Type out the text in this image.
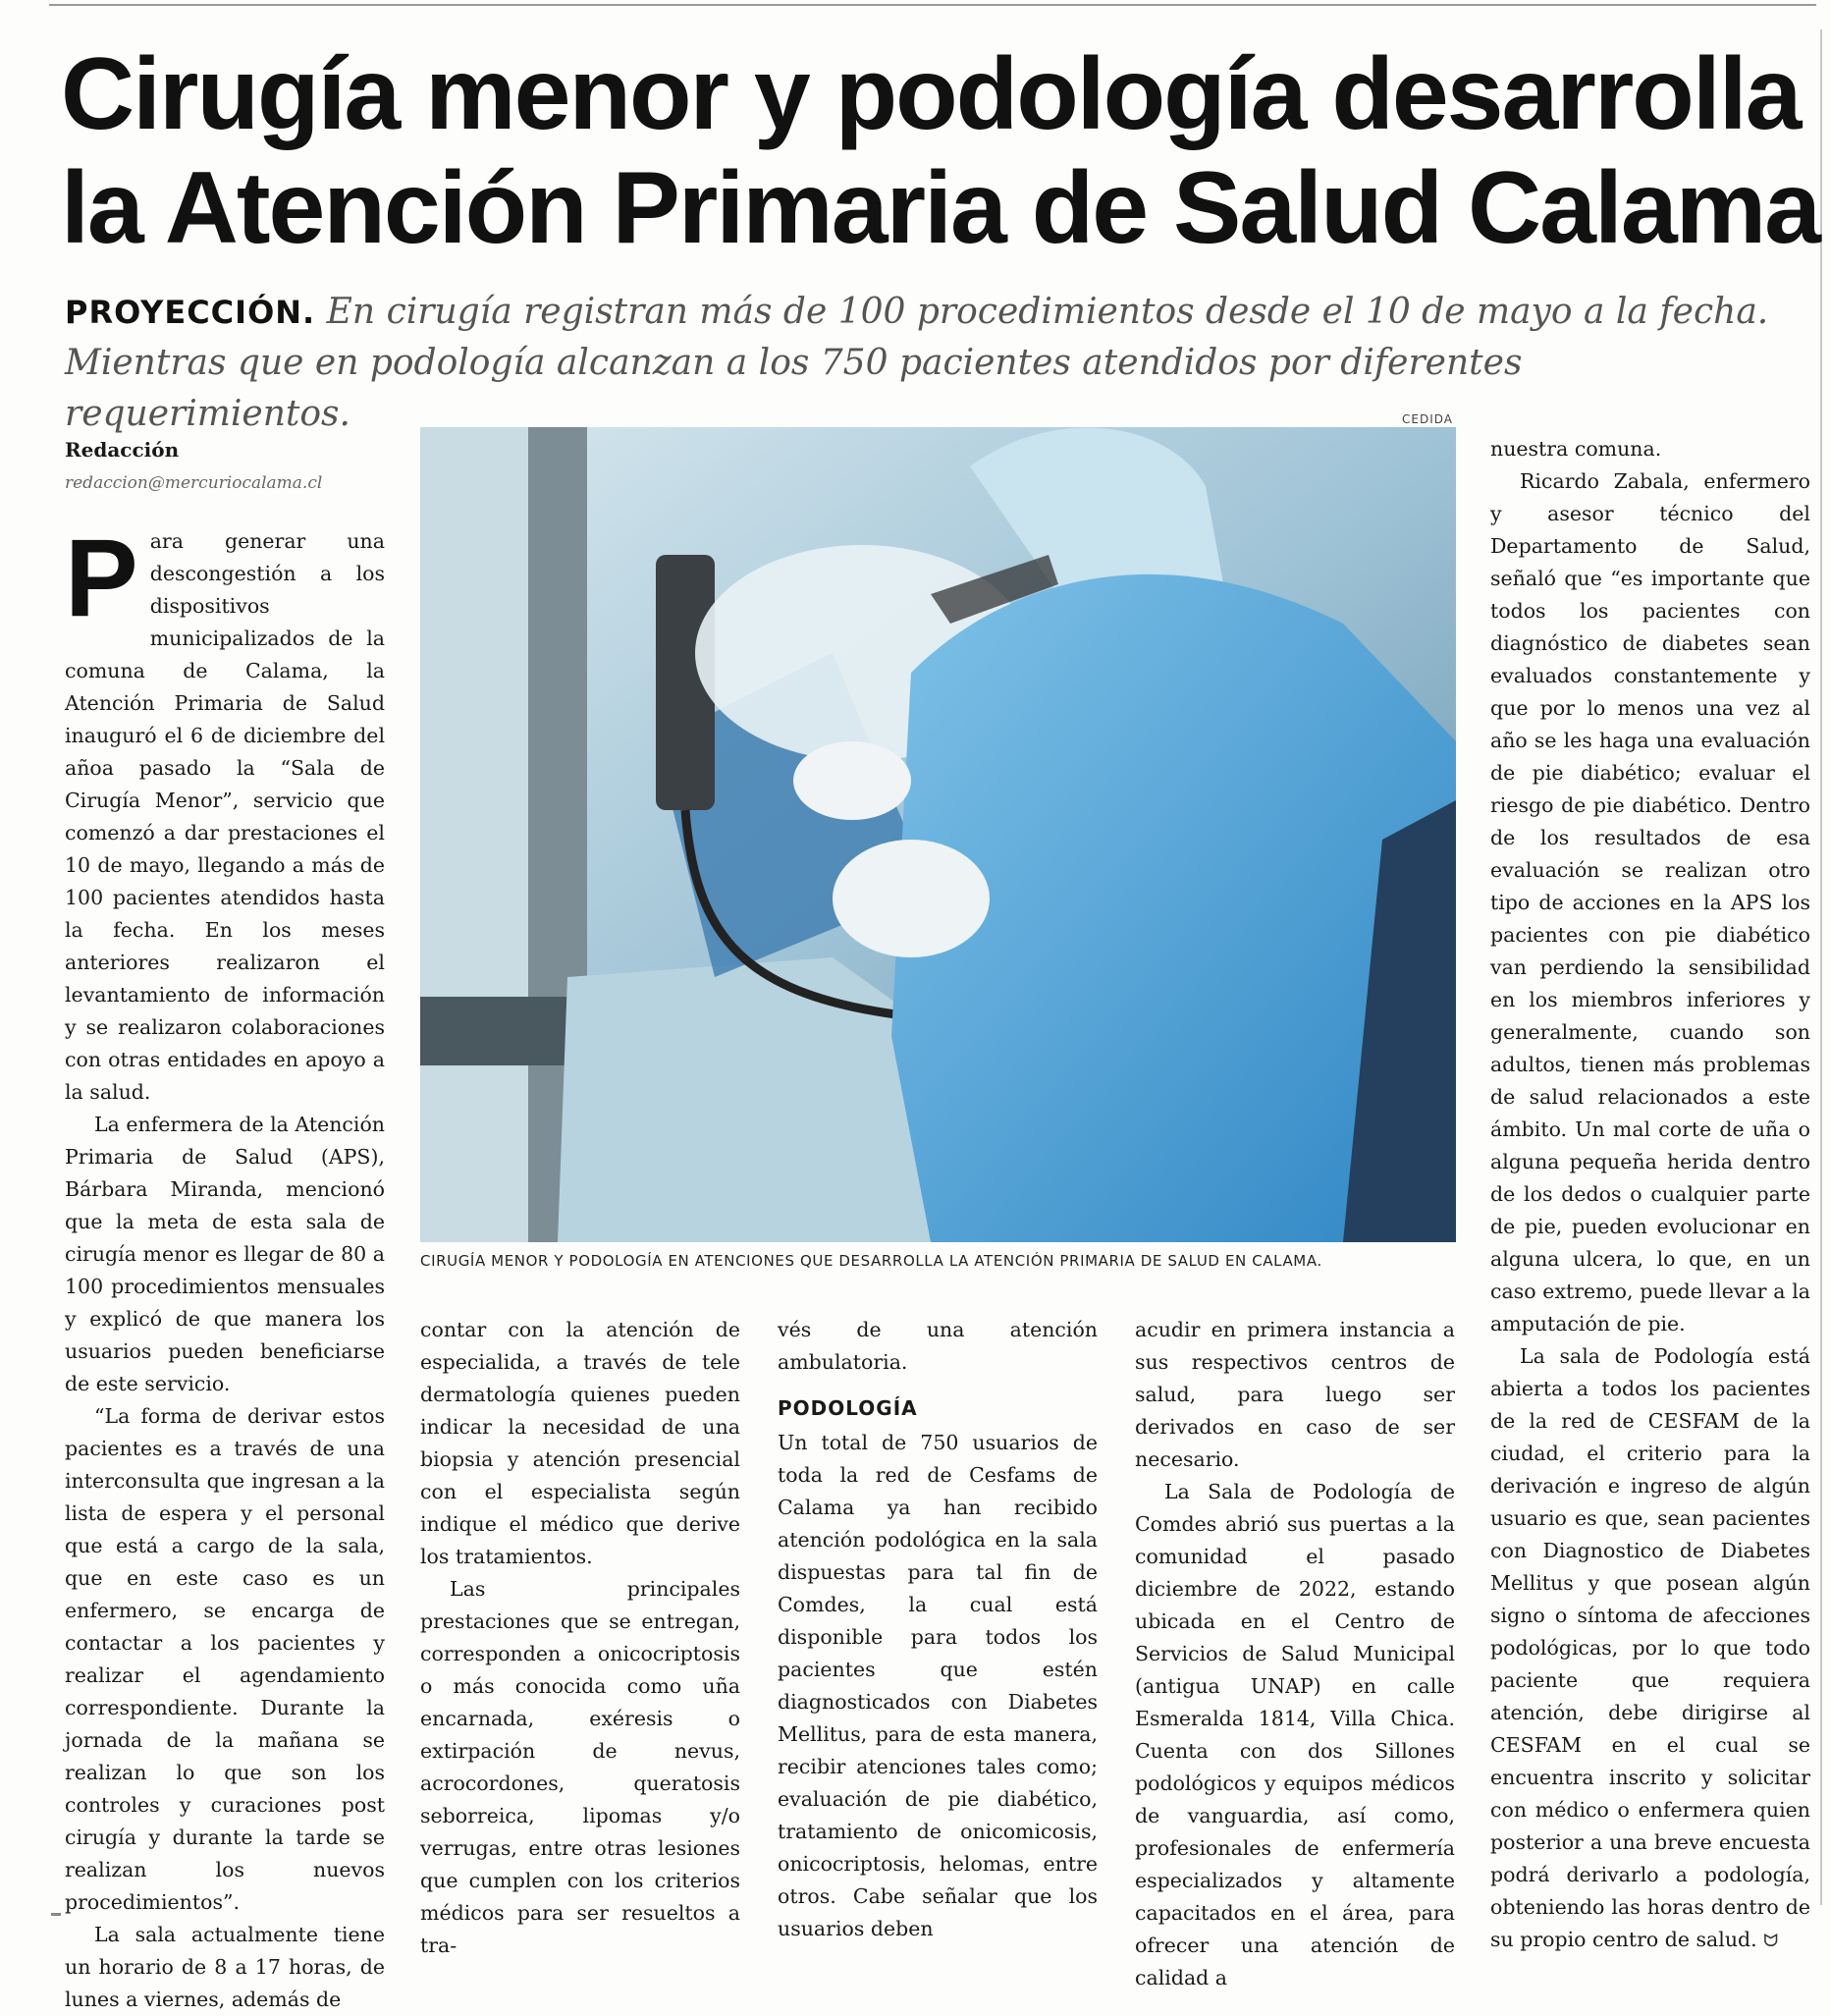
Cirugía menor y podología desarrolla
la Atención Primaria de Salud Calama

PROYECCIÓN. En cirugía registran más de 100 procedimientos desde el 10 de mayo a la fecha. Mientras que en podología alcanzan a los 750 pacientes atendidos por diferentes requerimientos.

Redacción

redaccion@mercuriocalama.cl

Para generar una descongestión a los dispositivos municipalizados de la comuna de Calama, la Atención Primaria de Salud inauguró el 6 de diciembre del añoa pasado la “Sala de Cirugía Menor”, servicio que comenzó a dar prestaciones el 10 de mayo, llegando a más de 100 pacientes atendidos hasta la fecha. En los meses anteriores realizaron el levantamiento de información y se realizaron colaboraciones con otras entidades en apoyo a la salud.

La enfermera de la Atención Primaria de Salud (APS), Bárbara Miranda, mencionó que la meta de esta sala de cirugía menor es llegar de 80 a 100 procedimientos mensuales y explicó de que manera los usuarios pueden beneficiarse de este servicio.

“La forma de derivar estos pacientes es a través de una interconsulta que ingresan a la lista de espera y el personal que está a cargo de la sala, que en este caso es un enfermero, se encarga de contactar a los pacientes y realizar el agendamiento correspondiente. Durante la jornada de la mañana se realizan lo que son los controles y curaciones post cirugía y durante la tarde se realizan los nuevos procedimientos”.

La sala actualmente tiene un horario de 8 a 17 horas, de lunes a viernes, además de

CEDIDA

CIRUGÍA MENOR Y PODOLOGÍA EN ATENCIONES QUE DESARROLLA LA ATENCIÓN PRIMARIA DE SALUD EN CALAMA.

contar con la atención de especialida, a través de tele dermatología quienes pueden indicar la necesidad de una biopsia y atención presencial con el especialista según indique el médico que derive los tratamientos.

Las principales prestaciones que se entregan, corresponden a onicocriptosis o más conocida como uña encarnada, exéresis o extirpación de nevus, acrocordones, queratosis seborreica, lipomas y/o verrugas, entre otras lesiones que cumplen con los criterios médicos para ser resueltos a tra-

vés de una atención ambulatoria.

PODOLOGÍA

Un total de 750 usuarios de toda la red de Cesfams de Calama ya han recibido atención podológica en la sala dispuestas para tal fin de Comdes, la cual está disponible para todos los pacientes que estén diagnosticados con Diabetes Mellitus, para de esta manera, recibir atenciones tales como; evaluación de pie diabético, tratamiento de onicomicosis, onicocriptosis, helomas, entre otros. Cabe señalar que los usuarios deben

acudir en primera instancia a sus respectivos centros de salud, para luego ser derivados en caso de ser necesario.

La Sala de Podología de Comdes abrió sus puertas a la comunidad el pasado diciembre de 2022, estando ubicada en el Centro de Servicios de Salud Municipal (antigua UNAP) en calle Esmeralda 1814, Villa Chica. Cuenta con dos Sillones podológicos y equipos médicos de vanguardia, así como, profesionales de enfermería especializados y altamente capacitados en el área, para ofrecer una atención de calidad a

nuestra comuna.

Ricardo Zabala, enfermero y asesor técnico del Departamento de Salud, señaló que “es importante que todos los pacientes con diagnóstico de diabetes sean evaluados constantemente y que por lo menos una vez al año se les haga una evaluación de pie diabético; evaluar el riesgo de pie diabético. Dentro de los resultados de esa evaluación se realizan otro tipo de acciones en la APS los pacientes con pie diabético van perdiendo la sensibilidad en los miembros inferiores y generalmente, cuando son adultos, tienen más problemas de salud relacionados a este ámbito. Un mal corte de uña o alguna pequeña herida dentro de los dedos o cualquier parte de pie, pueden evolucionar en alguna ulcera, lo que, en un caso extremo, puede llevar a la amputación de pie.

La sala de Podología está abierta a todos los pacientes de la red de CESFAM de la ciudad, el criterio para la derivación e ingreso de algún usuario es que, sean pacientes con Diagnostico de Diabetes Mellitus y que posean algún signo o síntoma de afecciones podológicas, por lo que todo paciente que requiera atención, debe dirigirse al CESFAM en el cual se encuentra inscrito y solicitar con médico o enfermera quien posterior a una breve encuesta podrá derivarlo a podología, obteniendo las horas dentro de su propio centro de salud. ᗢ
